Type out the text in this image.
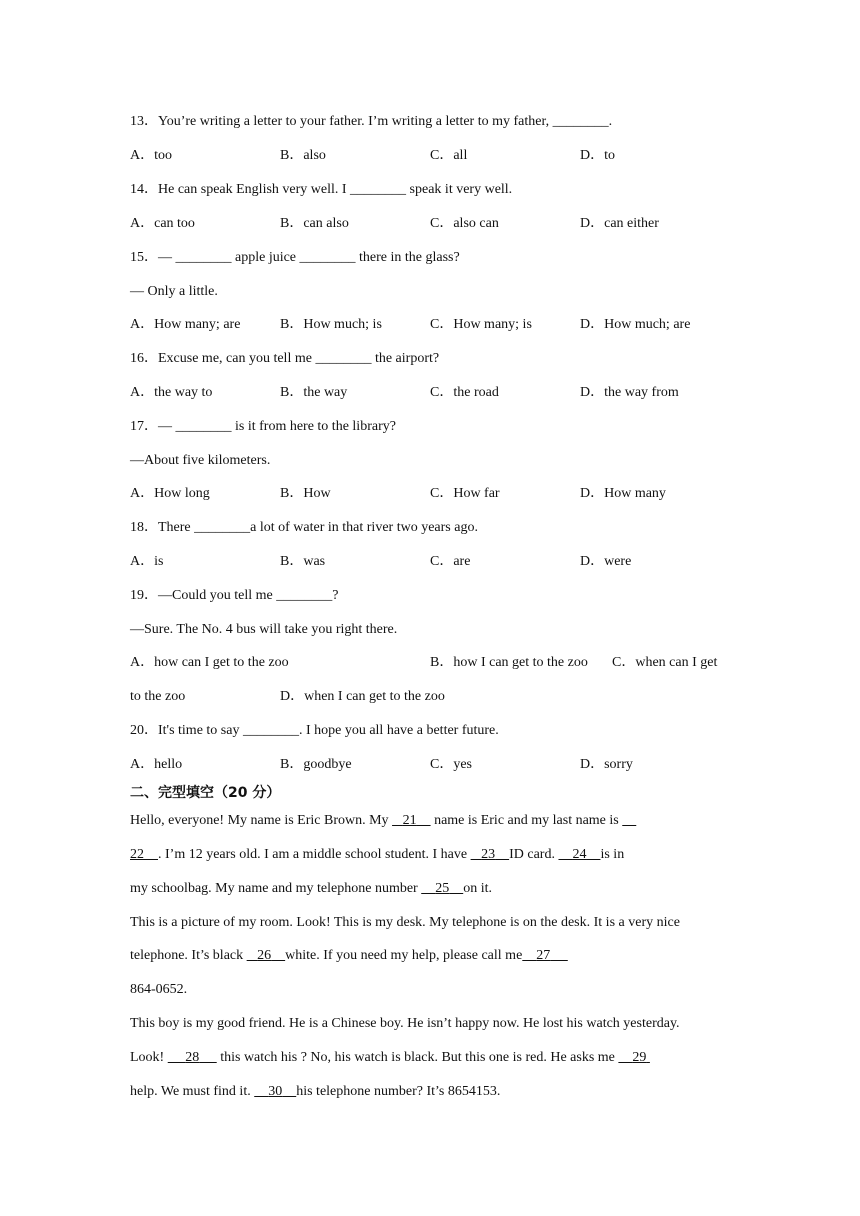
13．You’re writing a letter to your father. I’m writing a letter to my father, ________.
A．too	B．also	C．all	D．to
14．He can speak English very well. I ________ speak it very well.
A．can too	B．can also	C．also can	D．can either
15．— ________ apple juice ________ there in the glass?
— Only a little.
A．How many; are	B．How much; is	C．How many; is	D．How much; are
16．Excuse me, can you tell me ________ the airport?
A．the way to	B．the way	C．the road	D．the way from
17．— ________ is it from here to the library?
—About five kilometers.
A．How long	B．How	C．How far	D．How many
18．There ________a lot of water in that river two years ago.
A．is	B．was	C．are	D．were
19．—Could you tell me ________?
—Sure. The No. 4 bus will take you right there.
A．how can I get to the zoo	B．how I can get to the zoo C．when can I get
to the zoo	D．when I can get to the zoo
20．It's time to say ________. I hope you all have a better future.
A．hello	B．goodbye	C．yes	D．sorry
二、完型填空（20 分）
Hello, everyone! My name is Eric Brown. My    21     name is Eric and my last name is
22 . I’m 12 years old. I am a middle school student. I have    23 ID card.     24 is in
my schoolbag. My name and my telephone number     25 on it.
This is a picture of my room. Look! This is my desk. My telephone is on the desk. It is a very nice
telephone. It’s black    26 white. If you need my help, please call me 27
864-0652.
This boy is my good friend. He is a Chinese boy. He isn’t happy now. He lost his watch yesterday.
Look!      28      this watch his ? No, his watch is black. But this one is red. He asks me     29
help. We must find it.     30 his telephone number? It’s 8654153.
